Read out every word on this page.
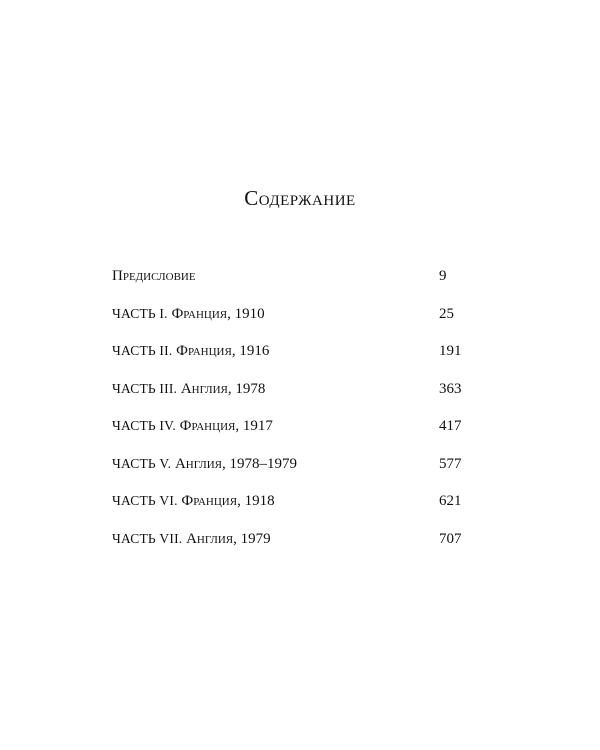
Содержание
Предисловие	9
ЧАСТЬ I. Франция, 1910	25
ЧАСТЬ II. Франция, 1916	191
ЧАСТЬ III. Англия, 1978	363
ЧАСТЬ IV. Франция, 1917	417
ЧАСТЬ V. Англия, 1978–1979	577
ЧАСТЬ VI. Франция, 1918	621
ЧАСТЬ VII. Англия, 1979	707
